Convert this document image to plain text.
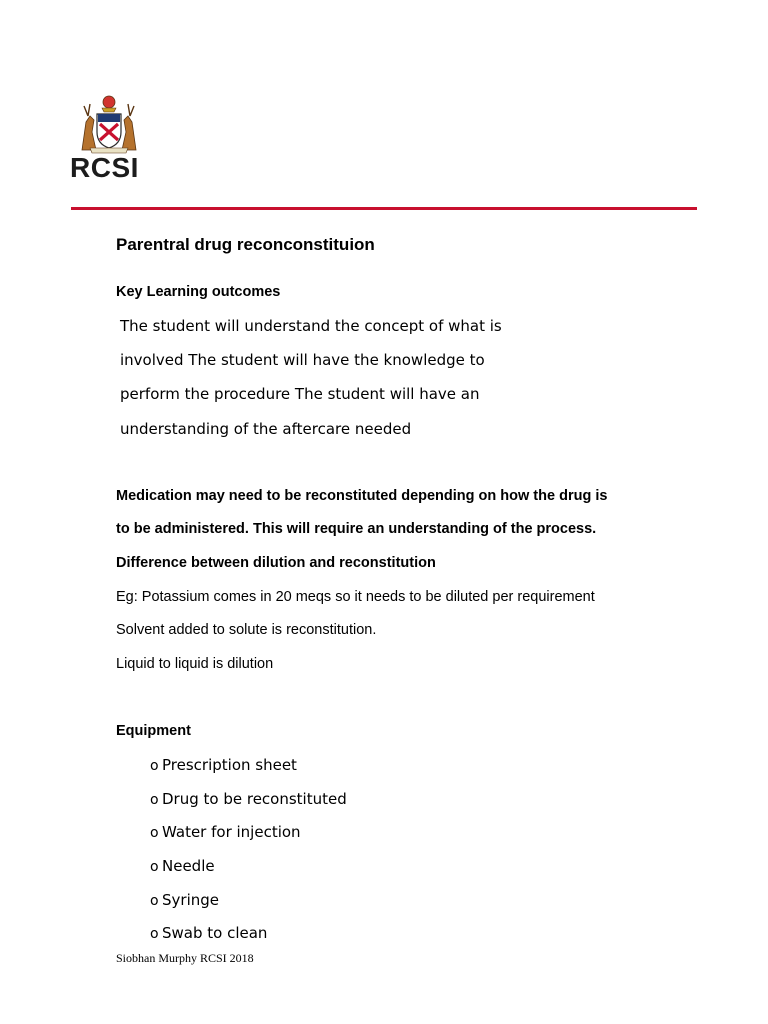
RCSI
Parentral drug reconconstituion

Key Learning outcomes

The student will understand the concept of what is

involved The student will have the knowledge to

perform the procedure The student will have an

understanding of the aftercare needed

Medication may need to be reconstituted depending on how the drug is

to be administered. This will require an understanding of the process.

Difference between dilution and reconstitution

Eg: Potassium comes in 20 meqs so it needs to be diluted per requirement

Solvent added to solute is reconstitution.

Liquid to liquid is dilution

Equipment

o Prescription sheet
o Drug to be reconstituted
o Water for injection
o Needle
o Syringe
o Swab to clean

Siobhan Murphy RCSI 2018
